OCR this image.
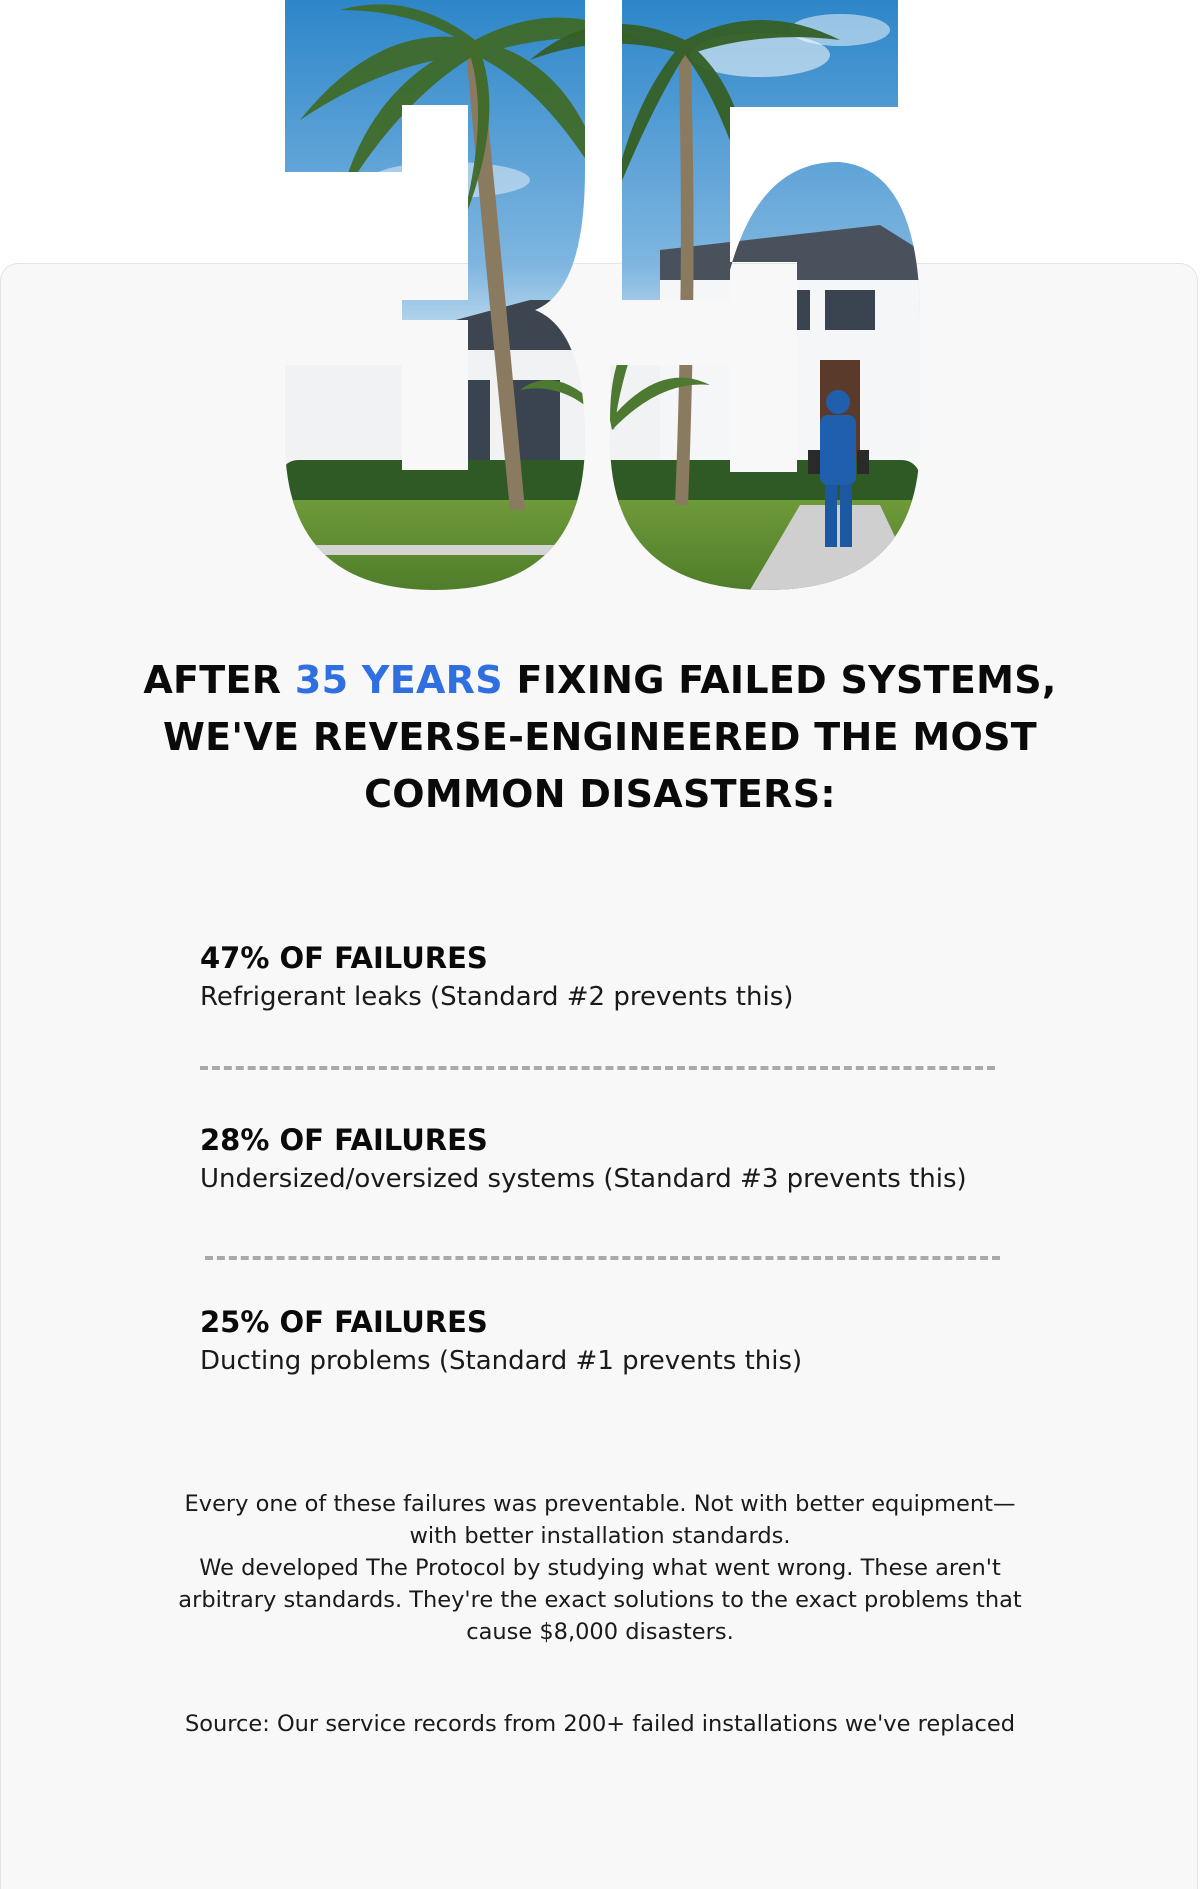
AFTER 35 YEARS FIXING FAILED SYSTEMS, WE'VE REVERSE-ENGINEERED THE MOST COMMON DISASTERS:
47% OF FAILURES
Refrigerant leaks (Standard #2 prevents this)
28% OF FAILURES
Undersized/oversized systems (Standard #3 prevents this)
25% OF FAILURES
Ducting problems (Standard #1 prevents this)
Every one of these failures was preventable. Not with better equipment—
with better installation standards.
We developed The Protocol by studying what went wrong. These aren't
arbitrary standards. They're the exact solutions to the exact problems that
cause $8,000 disasters.
Source: Our service records from 200+ failed installations we've replaced
